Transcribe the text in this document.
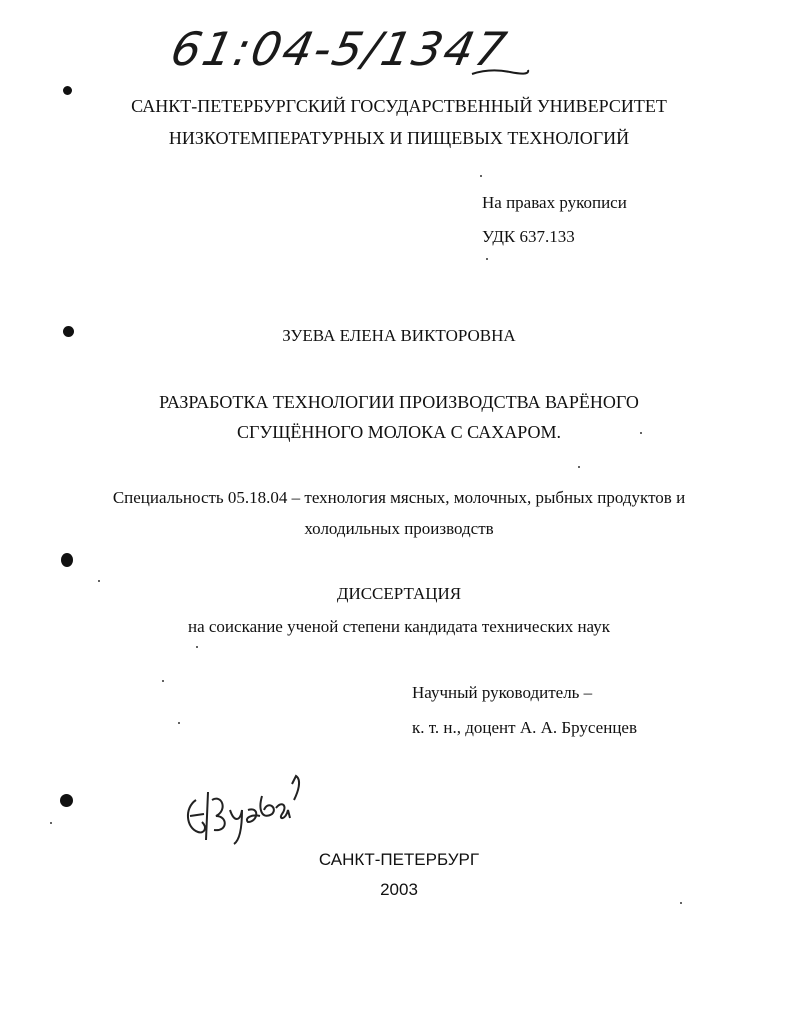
61:04-5/1347
САНКТ-ПЕТЕРБУРГСКИЙ ГОСУДАРСТВЕННЫЙ УНИВЕРСИТЕТ
НИЗКОТЕМПЕРАТУРНЫХ И ПИЩЕВЫХ ТЕХНОЛОГИЙ
На правах рукописи
УДК 637.133
ЗУЕВА ЕЛЕНА ВИКТОРОВНА
РАЗРАБОТКА ТЕХНОЛОГИИ ПРОИЗВОДСТВА ВАРЁНОГО
СГУЩЁННОГО МОЛОКА С САХАРОМ.
Специальность 05.18.04 – технология мясных, молочных, рыбных продуктов и
холодильных производств
ДИССЕРТАЦИЯ
на соискание ученой степени кандидата технических наук
Научный руководитель –
к. т. н., доцент А. А. Брусенцев
САНКТ-ПЕТЕРБУРГ
2003
